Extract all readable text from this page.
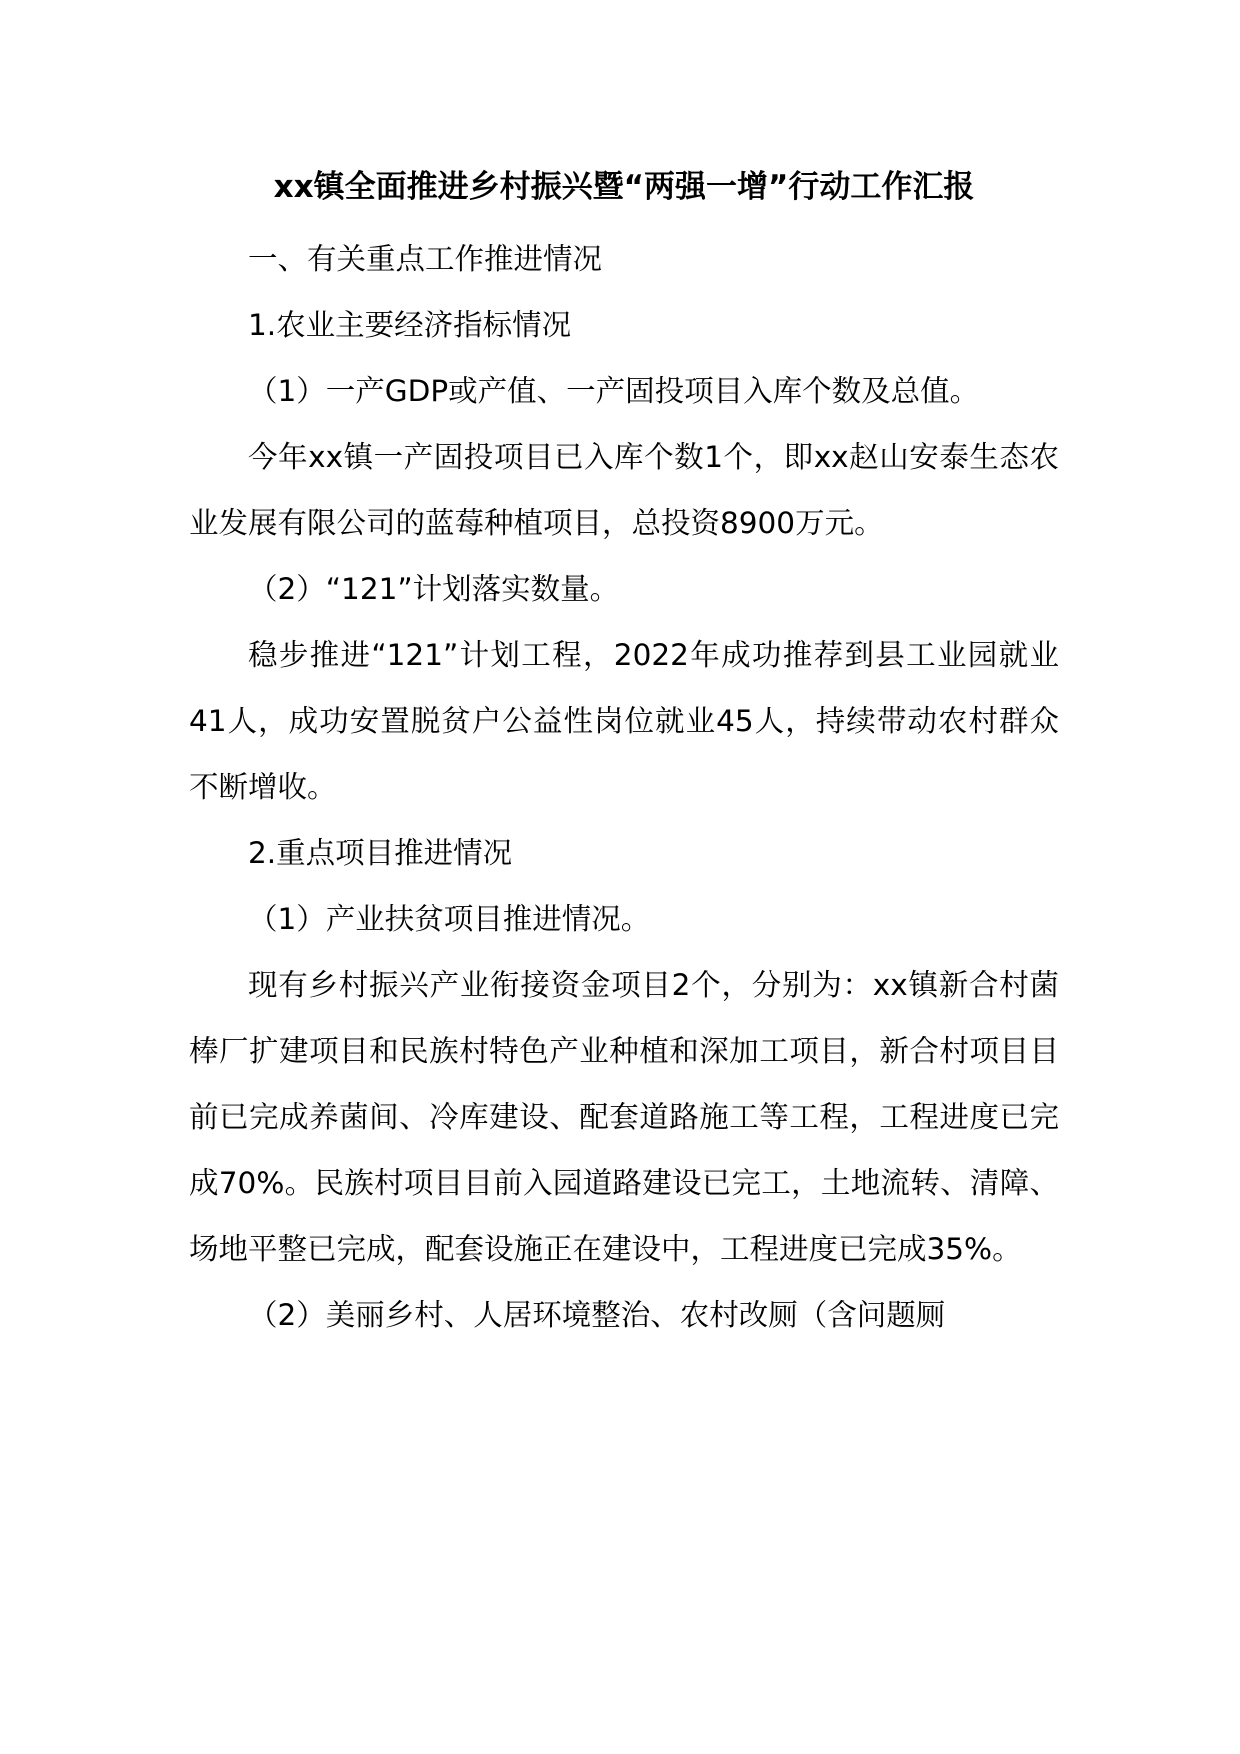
xx镇全面推进乡村振兴暨“两强一增”行动工作汇报

一、有关重点工作推进情况

1.农业主要经济指标情况

（1）一产GDP或产值、一产固投项目入库个数及总值。

今年xx镇一产固投项目已入库个数1个，即xx赵山安泰生态农业发展有限公司的蓝莓种植项目，总投资8900万元。

（2）“121”计划落实数量。

稳步推进“121”计划工程，2022年成功推荐到县工业园就业41人，成功安置脱贫户公益性岗位就业45人，持续带动农村群众不断增收。

2.重点项目推进情况

（1）产业扶贫项目推进情况。

现有乡村振兴产业衔接资金项目2个，分别为：xx镇新合村菌棒厂扩建项目和民族村特色产业种植和深加工项目，新合村项目目前已完成养菌间、冷库建设、配套道路施工等工程，工程进度已完成70%。民族村项目目前入园道路建设已完工，土地流转、清障、场地平整已完成，配套设施正在建设中，工程进度已完成35%。

（2）美丽乡村、人居环境整治、农村改厕（含问题厕
